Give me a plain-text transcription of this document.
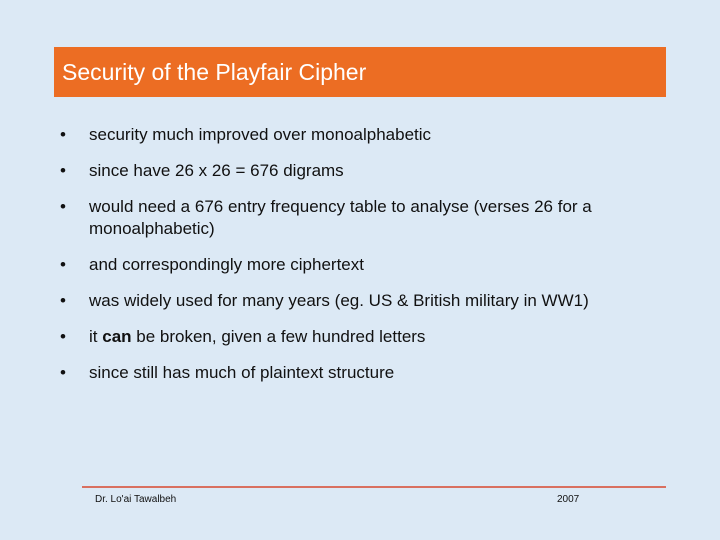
Security of the Playfair Cipher
•	security much improved over monoalphabetic
•	since have 26 x 26 = 676 digrams
•	would need a 676 entry frequency table to analyse (verses 26 for a monoalphabetic)
•	and correspondingly more ciphertext
•	was widely used for many years (eg. US & British military in WW1)
•	it can be broken, given a few hundred letters
•	since still has much of plaintext structure
Dr. Lo'ai Tawalbeh	2007
